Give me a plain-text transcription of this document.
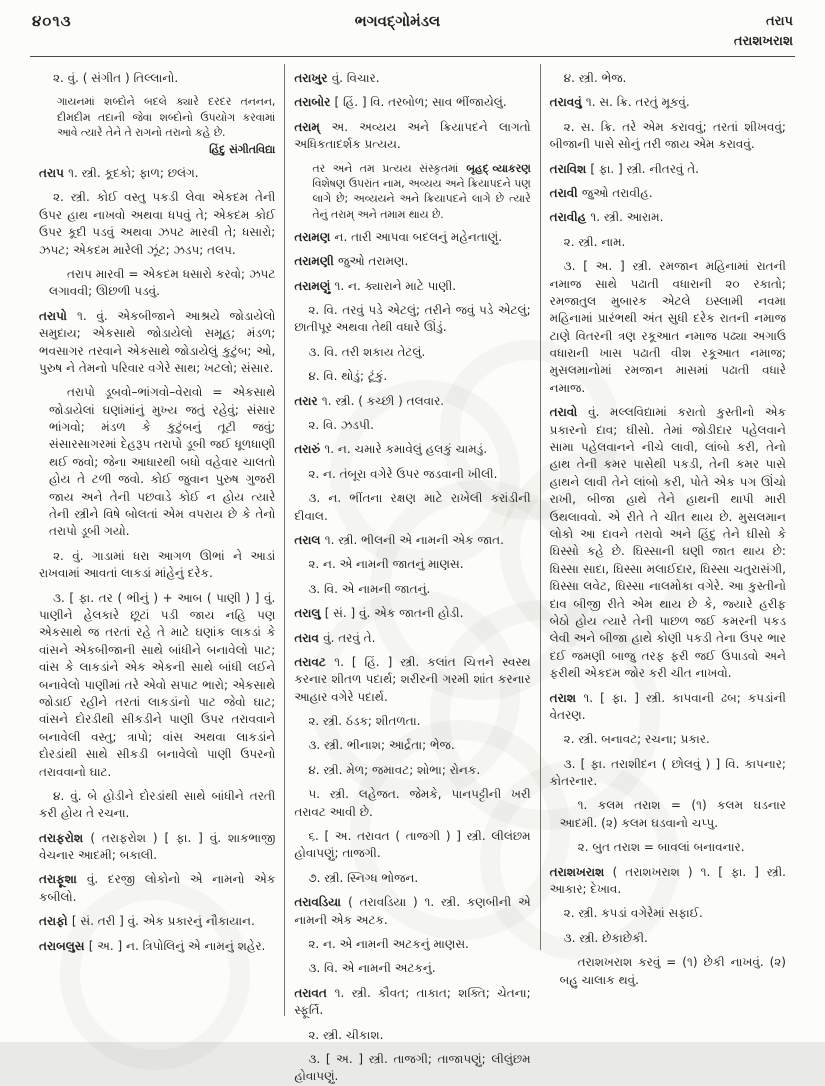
૪૦૧૩	ભગવદ્ગોમંડલ	તરાપ
તરાશખરાશ

૨. વું. ( સંગીત ) તિલ્લાનો.

ગાયનમાં શબ્દોને બદલે ક્યારે દરદર તનનન, દીમદીમ તદાની જેવા શબ્દોનો ઉપયોગ કરવામાં આવે ત્યારે તેને તે રાગનો તરાનો કહે છે.

હિંદુ સંગીતવિદ્યા

તરાપ ૧. સ્ત્રી. કૂદકો; ફાળ; છલંગ.

૨. સ્ત્રી. કોઈ વસ્તુ પકડી લેવા એકદમ તેની ઉપર હાથ નાખવો અથવા ધપવું તે; એકદમ કોઈ ઉપર કૂદી પડવું અથવા ઝપટ મારવી તે; ધસારો; ઝપટ; એકદમ મારેલી ઝૂંટ; ઝડપ; તલપ.

તરાપ મારવી = એકદમ ધસારો કરવો; ઝપટ લગાવવી; ઊછળી પડવું.

તરાપો ૧. વું. એકબીજાને આશ્રયે જોડાયેલો સમુદાય; એકસાથે જોડાયેલો સમૂહ; મંડળ; ભવસાગર તરવાને એકસાથે જોડાયેલું કુટુંબ; ઓ, પુરુષ ને તેમનો પરિવાર વગેરે સાથ; ખટલો; સંસાર.

તરાપો ડૂબવો–ભાંગવો–વેરાવો = એકસાથે જોડાયેલાં ઘણાંમાંનું મુખ્ય જતું રહેવું; સંસાર ભાંગવો; મંડળ કે કુટુંબનું તૂટી જવું; સંસારસાગરમાં દેહરૂપ તરાપો ડૂબી જઈ ધૂળધાણી થઈ જવો; જેના આધારથી બધો વહેવાર ચાલતો હોય તે ટળી જવો. કોઈ જુવાન પુરુષ ગુજરી જાય અને તેની પછવાડે કોઈ ન હોય ત્યારે તેની સ્ત્રીને વિષે બોલતાં એમ વપરાય છે કે તેનો તરાપો ડૂબી ગયો.

૨. વું. ગાડામાં ધરા આગળ ઊભાં ને આડાં રાખવામાં આવતાં લાકડાં માંહેનું દરેક.

૩. [ ફા. તર ( ભીનું ) + આબ ( પાણી ) ] વું. પાણીને હેલકારે છૂટાં પડી જાય નહિ પણ એકસાથે જ તરતાં રહે તે માટે ઘણાંક લાકડાં કે વાંસને એકબીજાની સાથે બાંધીને બનાવેલો પાટ; વાંસ કે લાકડાંને એક એકની સાથે બાંધી લઈને બનાવેલો પાણીમાં તરે એવો સપાટ ભારો; એકસાથે જોડાઈ રહીને તરતાં લાકડાંનો પાટ જેવો ઘાટ; વાંસને દોરડીથી સીકડીને પાણી ઉપર તરાવવાને બનાવેલી વસ્તુ; ત્રાપો; વાંસ અથવા લાકડાંને દોરડાંથી સાથે સીકડી બનાવેલો પાણી ઉપરનો તરાવવાનો ઘાટ.

૪. વું. બે હોડીને દોરડાંથી સાથે બાંધીને તરતી કરી હોય તે રચના.

તરાફરોશ ( તરાફરોશ ) [ ફા. ] વું. શાકભાજી વેચનાર આદમી; બકાલી.

તરાફૂશા વું. દરજી લોકોનો એ નામનો એક કબીલો.

તરાફો [ સં. તરી ] વું. એક પ્રકારનું નૌકાયાન.

તરાબલુસ [ અ. ] ન. ત્રિપોલિનું એ નામનું શહેર.

તરાખુર વું. વિચાર.

તરાબોર [ હિં. ] વિ. તરબોળ; સાવ ભીંજાયેલું.

તરામ્ અ. અવ્યય અને ક્રિયાપદને લાગતો અધિકતાદર્શક પ્રત્યય.

બૃહદ્ વ્યાકરણ
તર અને તમ પ્રત્યય સંસ્કૃતમાં વિશેષણ ઉપરાંત નામ, અવ્યય અને ક્રિયાપદને પણ લાગે છે; અવ્યયને અને ક્રિયાપદને લાગે છે ત્યારે તેનું તરામ્ અને તમામ થાય છે.

તરામણ ન. તારી આપવા બદલનું મહેનતાણું.

તરામણી જુઓ તરામણ.

તરામણું ૧. ન. ક્યારાને માટે પાણી.

૨. વિ. તરવું પડે એટલું; તરીને જવું પડે એટલું; છાતીપૂર અથવા તેથી વધારે ઊંડું.

૩. વિ. તરી શકાય તેટલું.

૪. વિ. થોડું; ટૂંકું.

તરાર ૧. સ્ત્રી. ( કચ્છી ) તલવાર.

૨. વિ. ઝડપી.

તરારું ૧. ન. ચમારે કમાવેલું હલકું ચામડું.

૨. ન. તંબૂરા વગેરે ઉપર જડવાની ખીલી.

૩. ન. ભીંતના રક્ષણ માટે રાખેલી કરાંડીની દીવાલ.

તરાલ ૧. સ્ત્રી. ભીલની એ નામની એક જાત.

૨. ન. એ નામની જાતનું માણસ.

૩. વિ. એ નામની જાતનું.

તરાલુ [ સં. ] વું. એક જાતની હોડી.

તરાવ વું. તરવું તે.

તરાવટ ૧. [ હિં. ] સ્ત્રી. કલાંત ચિત્તને સ્વસ્થ કરનાર શીતળ પદાર્થ; શરીરની ગરમી શાંત કરનાર આહાર વગેરે પદાર્થ.

૨. સ્ત્રી. ઠંડક; શીતળતા.

૩. સ્ત્રી. ભીનાશ; આર્દ્રતા; ભેજ.

૪. સ્ત્રી. મેળ; જમાવટ; શોભા; રોનક.

૫. સ્ત્રી. લહેજત. જેમકે, પાનપટ્ટીની ખરી તરાવટ આવી છે.

૬. [ અ. તરાવત ( તાજગી ) ] સ્ત્રી. લીલંછમ હોવાપણું; તાજગી.

૭. સ્ત્રી. સ્નિગ્ધ ભોજન.

તરાવડિયા ( તરાવડિયા ) ૧. સ્ત્રી. કણબીની એ નામની એક અટક.

૨. ન. એ નામની અટકનું માણસ.

૩. વિ. એ નામની અટકનું.

તરાવત ૧. સ્ત્રી. કૌવત; તાકાત; શક્તિ; ચેતના; સ્ફૂર્તિ.

૨. સ્ત્રી. ચીકાશ.

૩. [ અ. ] સ્ત્રી. તાજગી; તાજાપણું; લીલુંછમ હોવાપણું.

૪. સ્ત્રી. ભેજ.

તરાવવું ૧. સ. ક્રિ. તરતું મૂકવું.

૨. સ. ક્રિ. તરે એમ કરાવવું; તરતાં શીખવવું; બીજાની પાસે સોનું તરી જાય એમ કરાવવું.

તરાવિશ [ ફા. ] સ્ત્રી. નીતરવું તે.

તરાવી જુઓ તરાવીહ.

તરાવીહ ૧. સ્ત્રી. આરામ.

૨. સ્ત્રી. નામ.

૩. [ અ. ] સ્ત્રી. રમજાન મહિનામાં રાતની નમાજ સાથે પઢાતી વધારાની ૨૦ રકાતો; રમજાતુલ મુબારક એટલે ઇસ્લામી નવમા મહિનામાં પ્રારંભથી અંત સુધી દરેક રાતની નમાજ ટાણે વિતરની ત્રણ રકૂઆત નમાજ પઢ્યા અગાઉ વધારાની ખાસ પઢાતી વીશ રકૂઆત નમાજ; મુસલમાનોમાં રમજાન માસમાં પઢાતી વધારે નમાજ.

તરાવો વું. મલ્લવિદ્યામાં કરાતો કુસ્તીનો એક પ્રકારનો દાવ; ઘીસો. તેમાં જોડીદાર પહેલવાને સામા પહેલવાનને નીચે લાવી, લાંબો કરી, તેનો હાથ તેની કમર પાસેથી પકડી, તેની કમર પાસે હાથને લાવી તેને લાંબો કરી, પોતે એક પગ ઊંચો રાખી, બીજા હાથે તેને હાથની થાપી મારી ઉથલાવવો. એ રીતે તે ચીત થાય છે. મુસલમાન લોકો આ દાવને તરાવો અને હિંદુ તેને ઘીસો કે ઘિસ્સો કહે છે. ઘિસ્સાની ઘણી જાત થાય છે: ઘિસ્સા સાદા, ઘિસ્સા મલાઈદાર, ઘિસ્સા ચતુરાસંગી, ઘિસ્સા લવેટ, ઘિસ્સા નાલમોકા વગેરે. આ કુસ્તીનો દાવ બીજી રીતે એમ થાય છે કે, જ્યારે હરીફ બેઠો હોય ત્યારે તેની પાછળ જઈ કમરની પકડ લેવી અને બીજા હાથે કોણી પકડી તેના ઉપર ભાર દઈ જમણી બાજુ તરફ ફરી જઈ ઉપાડવો અને ફરીથી એકદમ જોર કરી ચીત નાખવો.

તરાશ ૧. [ ફા. ] સ્ત્રી. કાપવાની ઢબ; કપડાંની વેતરણ.

૨. સ્ત્રી. બનાવટ; રચના; પ્રકાર.

૩. [ ફા. તરાશીદન ( છોલવું ) ] વિ. કાપનાર; કોતરનાર.

૧. કલમ તરાશ = (૧) કલમ ઘડનાર આદમી. (૨) કલમ ઘડવાનો ચપ્પુ.

૨. બુત તરાશ = બાવલાં બનાવનાર.

તરાશખરાશ ( તરાશખરાશ ) ૧. [ ફા. ] સ્ત્રી. આકાર; દેખાવ.

૨. સ્ત્રી. કપડાં વગેરેમાં સફાઈ.

૩. સ્ત્રી. છેકાછેકી.

તરાશખરાશ કરવું = (૧) છેકી નાખવું. (૨) બહુ ચાલાક થવું.
